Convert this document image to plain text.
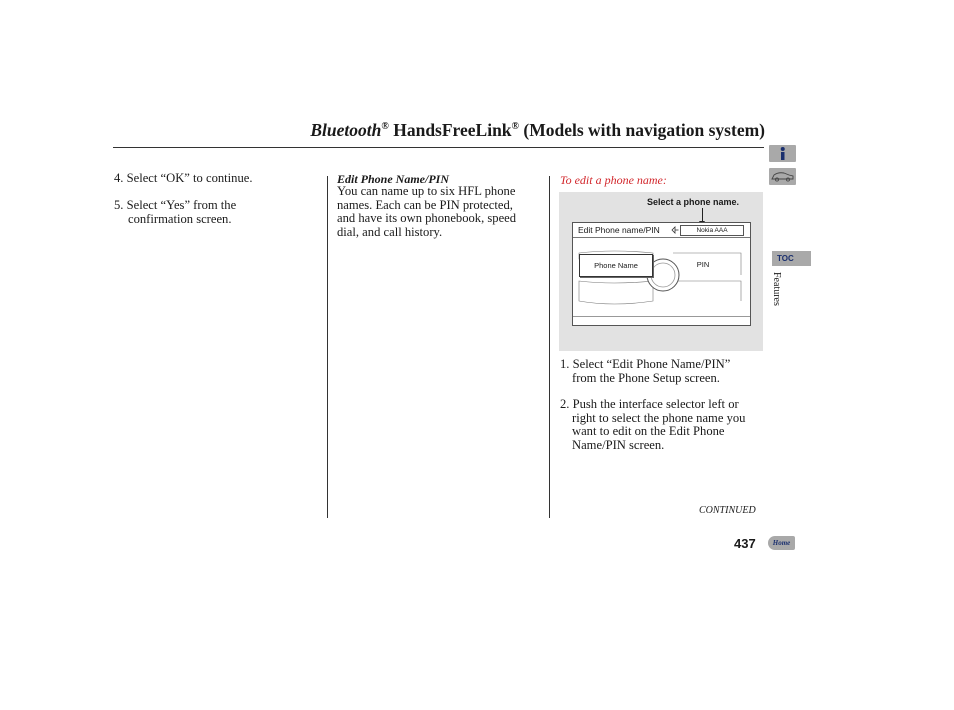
Bluetooth® HandsFreeLink® (Models with navigation system)
4. Select “OK” to continue.
5. Select “Yes” from the
confirmation screen.
Edit Phone Name/PIN
You can name up to six HFL phone
names. Each can be PIN protected,
and have its own phonebook, speed
dial, and call history.
To edit a phone name:
Select a phone name.
Edit Phone name/PIN	Nokia AAA
Phone Name	PIN
1. Select “Edit Phone Name/PIN”
from the Phone Setup screen.
2. Push the interface selector left or
right to select the phone name you
want to edit on the Edit Phone
Name/PIN screen.
CONTINUED
437	Home
TOC
Features
